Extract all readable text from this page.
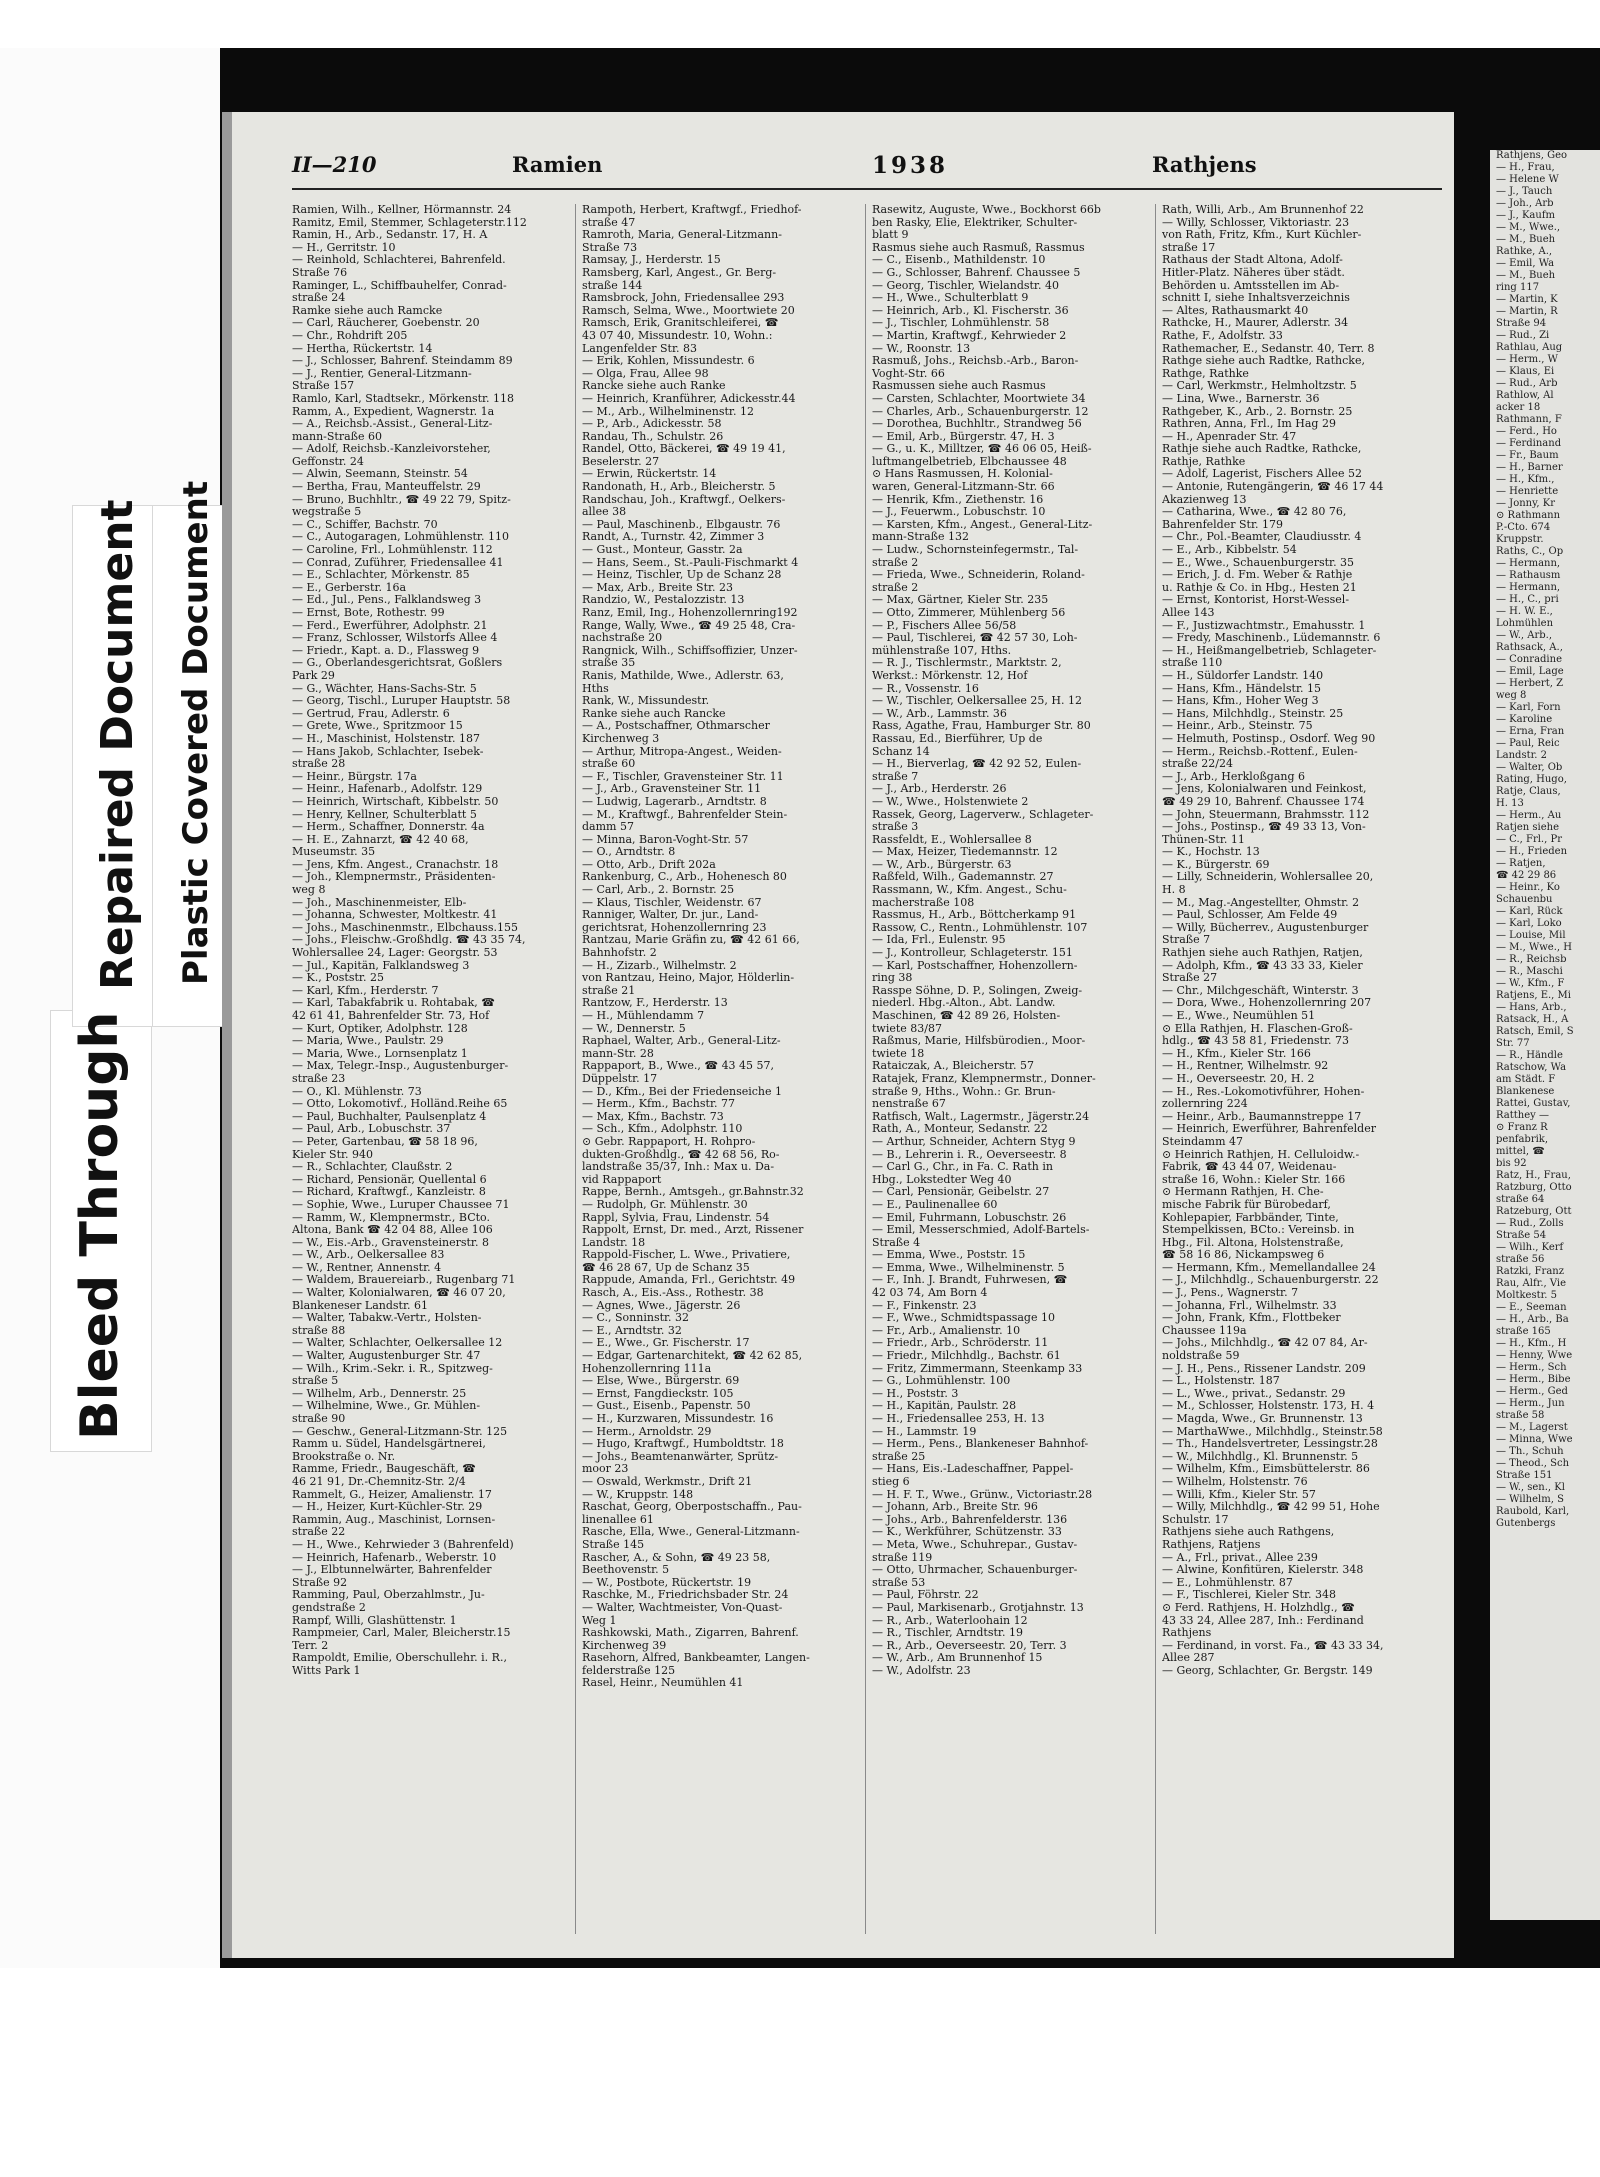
Bleed Through
Repaired Document Plastic Covered Document
II—210	Ramien	1938	Rathjens
Ramien, Wilh., Kellner, Hörmannstr. 24
Ramitz, Emil, Stemmer, Schlageterstr.112
Ramin, H., Arb., Sedanstr. 17, H. A
— H., Gerritstr. 10
— Reinhold, Schlachterei, Bahrenfeld.
Straße 76
Raminger, L., Schiffbauhelfer, Conrad-
straße 24
Ramke siehe auch Ramcke
— Carl, Räucherer, Goebenstr. 20
— Chr., Rohdrift 205
— Hertha, Rückertstr. 14
— J., Schlosser, Bahrenf. Steindamm 89
— J., Rentier, General-Litzmann-
Straße 157
Ramlo, Karl, Stadtsekr., Mörkenstr. 118
Ramm, A., Expedient, Wagnerstr. 1a
— A., Reichsb.-Assist., General-Litz-
mann-Straße 60
— Adolf, Reichsb.-Kanzleivorsteher,
Geffonstr. 24
— Alwin, Seemann, Steinstr. 54
— Bertha, Frau, Manteuffelstr. 29
— Bruno, Buchhltr., ☎ 49 22 79, Spitz-
wegstraße 5
— C., Schiffer, Bachstr. 70
— C., Autogaragen, Lohmühlenstr. 110
— Caroline, Frl., Lohmühlenstr. 112
— Conrad, Zuführer, Friedensallee 41
— E., Schlachter, Mörkenstr. 85
— E., Gerberstr. 16a
— Ed., Jul., Pens., Falklandsweg 3
— Ernst, Bote, Rothestr. 99
— Ferd., Ewerführer, Adolphstr. 21
— Franz, Schlosser, Wilstorfs Allee 4
— Friedr., Kapt. a. D., Flassweg 9
— G., Oberlandesgerichtsrat, Goßlers
Park 29
— G., Wächter, Hans-Sachs-Str. 5
— Georg, Tischl., Luruper Hauptstr. 58
— Gertrud, Frau, Adlerstr. 6
— Grete, Wwe., Spritzmoor 15
— H., Maschinist, Holstenstr. 187
— Hans Jakob, Schlachter, Isebek-
straße 28
— Heinr., Bürgstr. 17a
— Heinr., Hafenarb., Adolfstr. 129
— Heinrich, Wirtschaft, Kibbelstr. 50
— Henry, Kellner, Schulterblatt 5
— Herm., Schaffner, Donnerstr. 4a
— H. E., Zahnarzt, ☎ 42 40 68,
Museumstr. 35
— Jens, Kfm. Angest., Cranachstr. 18
— Joh., Klempnermstr., Präsidenten-
weg 8
— Joh., Maschinenmeister, Elb-
— Johanna, Schwester, Moltkestr. 41
— Johs., Maschinenmstr., Elbchauss.155
— Johs., Fleischw.-Großhdlg. ☎ 43 35 74,
Wohlersallee 24, Lager: Georgstr. 53
— Jul., Kapitän, Falklandsweg 3
— K., Poststr. 25
— Karl, Kfm., Herderstr. 7
— Karl, Tabakfabrik u. Rohtabak, ☎
42 61 41, Bahrenfelder Str. 73, Hof
— Kurt, Optiker, Adolphstr. 128
— Maria, Wwe., Paulstr. 29
— Maria, Wwe., Lornsenplatz 1
— Max, Telegr.-Insp., Augustenburger-
straße 23
— O., Kl. Mühlenstr. 73
— Otto, Lokomotivf., Holländ.Reihe 65
— Paul, Buchhalter, Paulsenplatz 4
— Paul, Arb., Lobuschstr. 37
— Peter, Gartenbau, ☎ 58 18 96,
Kieler Str. 940
— R., Schlachter, Claußstr. 2
— Richard, Pensionär, Quellental 6
— Richard, Kraftwgf., Kanzleistr. 8
— Sophie, Wwe., Luruper Chaussee 71
— Ramm, W., Klempnermstr., BCto.
Altona, Bank ☎ 42 04 88, Allee 106
— W., Eis.-Arb., Gravensteinerstr. 8
— W., Arb., Oelkersallee 83
— W., Rentner, Annenstr. 4
— Waldem, Brauereiarb., Rugenbarg 71
— Walter, Kolonialwaren, ☎ 46 07 20,
Blankeneser Landstr. 61
— Walter, Tabakw.-Vertr., Holsten-
straße 88
— Walter, Schlachter, Oelkersallee 12
— Walter, Augustenburger Str. 47
— Wilh., Krim.-Sekr. i. R., Spitzweg-
straße 5
— Wilhelm, Arb., Dennerstr. 25
— Wilhelmine, Wwe., Gr. Mühlen-
straße 90
— Geschw., General-Litzmann-Str. 125
Ramm u. Südel, Handelsgärtnerei,
Brookstraße o. Nr.
Ramme, Friedr., Baugeschäft, ☎
46 21 91, Dr.-Chemnitz-Str. 2/4
Rammelt, G., Heizer, Amalienstr. 17
— H., Heizer, Kurt-Küchler-Str. 29
Rammin, Aug., Maschinist, Lornsen-
straße 22
— H., Wwe., Kehrwieder 3 (Bahrenfeld)
— Heinrich, Hafenarb., Weberstr. 10
— J., Elbtunnelwärter, Bahrenfelder
Straße 92
Ramming, Paul, Oberzahlmstr., Ju-
gendstraße 2
Rampf, Willi, Glashüttenstr. 1
Rampmeier, Carl, Maler, Bleicherstr.15
Terr. 2
Rampoldt, Emilie, Oberschullehr. i. R.,
Witts Park 1
Rampoth, Herbert, Kraftwgf., Friedhof-
straße 47
Ramroth, Maria, General-Litzmann-
Straße 73
Ramsay, J., Herderstr. 15
Ramsberg, Karl, Angest., Gr. Berg-
straße 144
Ramsbrock, John, Friedensallee 293
Ramsch, Selma, Wwe., Moortwiete 20
Ramsch, Erik, Granitschleiferei, ☎
43 07 40, Missundestr. 10, Wohn.:
Langenfelder Str. 83
— Erik, Kohlen, Missundestr. 6
— Olga, Frau, Allee 98
Rancke siehe auch Ranke
— Heinrich, Kranführer, Adickesstr.44
— M., Arb., Wilhelminenstr. 12
— P., Arb., Adickesstr. 58
Randau, Th., Schulstr. 26
Randel, Otto, Bäckerei, ☎ 49 19 41,
Beselerstr. 27
— Erwin, Rückertstr. 14
Randonath, H., Arb., Bleicherstr. 5
Randschau, Joh., Kraftwgf., Oelkers-
allee 38
— Paul, Maschinenb., Elbgaustr. 76
Randt, A., Turnstr. 42, Zimmer 3
— Gust., Monteur, Gasstr. 2a
— Hans, Seem., St.-Pauli-Fischmarkt 4
— Heinz, Tischler, Up de Schanz 28
— Max, Arb., Breite Str. 23
Randzio, W., Pestalozzistr. 13
Ranz, Emil, Ing., Hohenzollernring192
Range, Wally, Wwe., ☎ 49 25 48, Cra-
nachstraße 20
Rangnick, Wilh., Schiffsoffizier, Unzer-
straße 35
Ranis, Mathilde, Wwe., Adlerstr. 63,
Hths
Rank, W., Missundestr.
Ranke siehe auch Rancke
— A., Postschaffner, Othmarscher
Kirchenweg 3
— Arthur, Mitropa-Angest., Weiden-
straße 60
— F., Tischler, Gravensteiner Str. 11
— J., Arb., Gravensteiner Str. 11
— Ludwig, Lagerarb., Arndtstr. 8
— M., Kraftwgf., Bahrenfelder Stein-
damm 57
— Minna, Baron-Voght-Str. 57
— O., Arndtstr. 8
— Otto, Arb., Drift 202a
Rankenburg, C., Arb., Hohenesch 80
— Carl, Arb., 2. Bornstr. 25
— Klaus, Tischler, Weidenstr. 67
Ranniger, Walter, Dr. jur., Land-
gerichtsrat, Hohenzollernring 23
Rantzau, Marie Gräfin zu, ☎ 42 61 66,
Bahnhofstr. 2
— H., Zizarb., Wilhelmstr. 2
von Rantzau, Heino, Major, Hölderlin-
straße 21
Rantzow, F., Herderstr. 13
— H., Mühlendamm 7
— W., Dennerstr. 5
Raphael, Walter, Arb., General-Litz-
mann-Str. 28
Rappaport, B., Wwe., ☎ 43 45 57,
Düppelstr. 17
— D., Kfm., Bei der Friedenseiche 1
— Herm., Kfm., Bachstr. 77
— Max, Kfm., Bachstr. 73
— Sch., Kfm., Adolphstr. 110
⊙ Gebr. Rappaport, H. Rohpro-
dukten-Großhdlg., ☎ 42 68 56, Ro-
landstraße 35/37, Inh.: Max u. Da-
vid Rappaport
Rappe, Bernh., Amtsgeh., gr.Bahnstr.32
— Rudolph, Gr. Mühlenstr. 30
Rappl, Sylvia, Frau, Lindenstr. 54
Rappolt, Ernst, Dr. med., Arzt, Rissener
Landstr. 18
Rappold-Fischer, L. Wwe., Privatiere,
☎ 46 28 67, Up de Schanz 35
Rappude, Amanda, Frl., Gerichtstr. 49
Rasch, A., Eis.-Ass., Rothestr. 38
— Agnes, Wwe., Jägerstr. 26
— C., Sonninstr. 32
— E., Arndtstr. 32
— E., Wwe., Gr. Fischerstr. 17
— Edgar, Gartenarchitekt, ☎ 42 62 85,
Hohenzollernring 111a
— Else, Wwe., Bürgerstr. 69
— Ernst, Fangdieckstr. 105
— Gust., Eisenb., Papenstr. 50
— H., Kurzwaren, Missundestr. 16
— Herm., Arnoldstr. 29
— Hugo, Kraftwgf., Humboldtstr. 18
— Johs., Beamtenanwärter, Sprütz-
moor 23
— Oswald, Werkmstr., Drift 21
— W., Kruppstr. 148
Raschat, Georg, Oberpostschaffn., Pau-
linenallee 61
Rasche, Ella, Wwe., General-Litzmann-
Straße 145
Rascher, A., & Sohn, ☎ 49 23 58,
Beethovenstr. 5
— W., Postbote, Rückertstr. 19
Raschke, M., Friedrichsbader Str. 24
— Walter, Wachtmeister, Von-Quast-
Weg 1
Rashkowski, Math., Zigarren, Bahrenf.
Kirchenweg 39
Rasehorn, Alfred, Bankbeamter, Langen-
felderstraße 125
Rasel, Heinr., Neumühlen 41
Rasewitz, Auguste, Wwe., Bockhorst 66b
ben Rasky, Elie, Elektriker, Schulter-
blatt 9
Rasmus siehe auch Rasmuß, Rassmus
— C., Eisenb., Mathildenstr. 10
— G., Schlosser, Bahrenf. Chaussee 5
— Georg, Tischler, Wielandstr. 40
— H., Wwe., Schulterblatt 9
— Heinrich, Arb., Kl. Fischerstr. 36
— J., Tischler, Lohmühlenstr. 58
— Martin, Kraftwgf., Kehrwieder 2
— W., Roonstr. 13
Rasmuß, Johs., Reichsb.-Arb., Baron-
Voght-Str. 66
Rasmussen siehe auch Rasmus
— Carsten, Schlachter, Moortwiete 34
— Charles, Arb., Schauenburgerstr. 12
— Dorothea, Buchhltr., Strandweg 56
— Emil, Arb., Bürgerstr. 47, H. 3
— G., u. K., Milltzer, ☎ 46 06 05, Heiß-
luftmangelbetrieb, Elbchaussee 48
⊙ Hans Rasmussen, H. Kolonial-
waren, General-Litzmann-Str. 66
— Henrik, Kfm., Ziethenstr. 16
— J., Feuerwm., Lobuschstr. 10
— Karsten, Kfm., Angest., General-Litz-
mann-Straße 132
— Ludw., Schornsteinfegermstr., Tal-
straße 2
— Frieda, Wwe., Schneiderin, Roland-
straße 2
— Max, Gärtner, Kieler Str. 235
— Otto, Zimmerer, Mühlenberg 56
— P., Fischers Allee 56/58
— Paul, Tischlerei, ☎ 42 57 30, Loh-
mühlenstraße 107, Hths.
— R. J., Tischlermstr., Marktstr. 2,
Werkst.: Mörkenstr. 12, Hof
— R., Vossenstr. 16
— W., Tischler, Oelkersallee 25, H. 12
— W., Arb., Lammstr. 36
Rass, Agathe, Frau, Hamburger Str. 80
Rassau, Ed., Bierführer, Up de
Schanz 14
— H., Bierverlag, ☎ 42 92 52, Eulen-
straße 7
— J., Arb., Herderstr. 26
— W., Wwe., Holstenwiete 2
Rassek, Georg, Lagerverw., Schlageter-
straße 3
Rassfeldt, E., Wohlersallee 8
— Max, Heizer, Tiedemannstr. 12
— W., Arb., Bürgerstr. 63
Raßfeld, Wilh., Gademannstr. 27
Rassmann, W., Kfm. Angest., Schu-
macherstraße 108
Rassmus, H., Arb., Böttcherkamp 91
Rassow, C., Rentn., Lohmühlenstr. 107
— Ida, Frl., Eulenstr. 95
— J., Kontrolleur, Schlageterstr. 151
— Karl, Postschaffner, Hohenzollern-
ring 38
Rasspe Söhne, D. P., Solingen, Zweig-
niederl. Hbg.-Alton., Abt. Landw.
Maschinen, ☎ 42 89 26, Holsten-
twiete 83/87
Raßmus, Marie, Hilfsbürodien., Moor-
twiete 18
Rataiczak, A., Bleicherstr. 57
Ratajek, Franz, Klempnermstr., Donner-
straße 9, Hths., Wohn.: Gr. Brun-
nenstraße 67
Ratfisch, Walt., Lagermstr., Jägerstr.24
Rath, A., Monteur, Sedanstr. 22
— Arthur, Schneider, Achtern Styg 9
— B., Lehrerin i. R., Oeverseestr. 8
— Carl G., Chr., in Fa. C. Rath in
Hbg., Lokstedter Weg 40
— Carl, Pensionär, Geibelstr. 27
— E., Paulinenallee 60
— Emil, Fuhrmann, Lobuschstr. 26
— Emil, Messerschmied, Adolf-Bartels-
Straße 4
— Emma, Wwe., Poststr. 15
— Emma, Wwe., Wilhelminenstr. 5
— F., Inh. J. Brandt, Fuhrwesen, ☎
42 03 74, Am Born 4
— F., Finkenstr. 23
— F., Wwe., Schmidtspassage 10
— Fr., Arb., Amalienstr. 10
— Friedr., Arb., Schröderstr. 11
— Friedr., Milchhdlg., Bachstr. 61
— Fritz, Zimmermann, Steenkamp 33
— G., Lohmühlenstr. 100
— H., Poststr. 3
— H., Kapitän, Paulstr. 28
— H., Friedensallee 253, H. 13
— H., Lammstr. 19
— Herm., Pens., Blankeneser Bahnhof-
straße 25
— Hans, Eis.-Ladeschaffner, Pappel-
stieg 6
— H. F. T., Wwe., Grünw., Victoriastr.28
— Johann, Arb., Breite Str. 96
— Johs., Arb., Bahrenfelderstr. 136
— K., Werkführer, Schützenstr. 33
— Meta, Wwe., Schuhrepar., Gustav-
straße 119
— Otto, Uhrmacher, Schauenburger-
straße 53
— Paul, Föhrstr. 22
— Paul, Markisenarb., Grotjahnstr. 13
— R., Arb., Waterloohain 12
— R., Tischler, Arndtstr. 19
— R., Arb., Oeverseestr. 20, Terr. 3
— W., Arb., Am Brunnenhof 15
— W., Adolfstr. 23
Rath, Willi, Arb., Am Brunnenhof 22
— Willy, Schlosser, Viktoriastr. 23
von Rath, Fritz, Kfm., Kurt Küchler-
straße 17
Rathaus der Stadt Altona, Adolf-
Hitler-Platz. Näheres über städt.
Behörden u. Amtsstellen im Ab-
schnitt I, siehe Inhaltsverzeichnis
— Altes, Rathausmarkt 40
Rathcke, H., Maurer, Adlerstr. 34
Rathe, F., Adolfstr. 33
Rathemacher, E., Sedanstr. 40, Terr. 8
Rathge siehe auch Radtke, Rathcke,
Rathge, Rathke
— Carl, Werkmstr., Helmholtzstr. 5
— Lina, Wwe., Barnerstr. 36
Rathgeber, K., Arb., 2. Bornstr. 25
Rathren, Anna, Frl., Im Hag 29
— H., Apenrader Str. 47
Rathje siehe auch Radtke, Rathcke,
Rathje, Rathke
— Adolf, Lagerist, Fischers Allee 52
— Antonie, Rutengängerin, ☎ 46 17 44
Akazienweg 13
— Catharina, Wwe., ☎ 42 80 76,
Bahrenfelder Str. 179
— Chr., Pol.-Beamter, Claudiusstr. 4
— E., Arb., Kibbelstr. 54
— E., Wwe., Schauenburgerstr. 35
— Erich, J. d. Fm. Weber & Rathje
u. Rathje & Co. in Hbg., Hesten 21
— Ernst, Kontorist, Horst-Wessel-
Allee 143
— F., Justizwachtmstr., Emahusstr. 1
— Fredy, Maschinenb., Lüdemannstr. 6
— H., Heißmangelbetrieb, Schlageter-
straße 110
— H., Süldorfer Landstr. 140
— Hans, Kfm., Händelstr. 15
— Hans, Kfm., Hoher Weg 3
— Hans, Milchhdlg., Steinstr. 25
— Heinr., Arb., Steinstr. 75
— Helmuth, Postinsp., Osdorf. Weg 90
— Herm., Reichsb.-Rottenf., Eulen-
straße 22/24
— J., Arb., Herkloßgang 6
— Jens, Kolonialwaren und Feinkost,
☎ 49 29 10, Bahrenf. Chaussee 174
— John, Steuermann, Brahmsstr. 112
— Johs., Postinsp., ☎ 49 33 13, Von-
Thünen-Str. 11
— K., Hochstr. 13
— K., Bürgerstr. 69
— Lilly, Schneiderin, Wohlersallee 20,
H. 8
— M., Mag.-Angestellter, Ohmstr. 2
— Paul, Schlosser, Am Felde 49
— Willy, Bücherrev., Augustenburger
Straße 7
Rathjen siehe auch Rathjen, Ratjen,
— Adolph, Kfm., ☎ 43 33 33, Kieler
Straße 27
— Chr., Milchgeschäft, Winterstr. 3
— Dora, Wwe., Hohenzollernring 207
— E., Wwe., Neumühlen 51
⊙ Ella Rathjen, H. Flaschen-Groß-
hdlg., ☎ 43 58 81, Friedenstr. 73
— H., Kfm., Kieler Str. 166
— H., Rentner, Wilhelmstr. 92
— H., Oeverseestr. 20, H. 2
— H., Res.-Lokomotivführer, Hohen-
zollernring 224
— Heinr., Arb., Baumannstreppe 17
— Heinrich, Ewerführer, Bahrenfelder
Steindamm 47
⊙ Heinrich Rathjen, H. Celluloidw.-
Fabrik, ☎ 43 44 07, Weidenau-
straße 16, Wohn.: Kieler Str. 166
⊙ Hermann Rathjen, H. Che-
mische Fabrik für Bürobedarf,
Kohlepapier, Farbbänder, Tinte,
Stempelkissen, BCto.: Vereinsb. in
Hbg., Fil. Altona, Holstenstraße,
☎ 58 16 86, Nickampsweg 6
— Hermann, Kfm., Memellandallee 24
— J., Milchhdlg., Schauenburgerstr. 22
— J., Pens., Wagnerstr. 7
— Johanna, Frl., Wilhelmstr. 33
— John, Frank, Kfm., Flottbeker
Chaussee 119a
— Johs., Milchhdlg., ☎ 42 07 84, Ar-
noldstraße 59
— J. H., Pens., Rissener Landstr. 209
— L., Holstenstr. 187
— L., Wwe., privat., Sedanstr. 29
— M., Schlosser, Holstenstr. 173, H. 4
— Magda, Wwe., Gr. Brunnenstr. 13
— MarthaWwe., Milchhdlg., Steinstr.58
— Th., Handelsvertreter, Lessingstr.28
— W., Milchhdlg., Kl. Brunnenstr. 5
— Wilhelm, Kfm., Eimsbüttelerstr. 86
— Wilhelm, Holstenstr. 76
— Willi, Kfm., Kieler Str. 57
— Willy, Milchhdlg., ☎ 42 99 51, Hohe
Schulstr. 17
Rathjens siehe auch Rathgens,
Rathjens, Ratjens
— A., Frl., privat., Allee 239
— Alwine, Konfitüren, Kielerstr. 348
— E., Lohmühlenstr. 87
— F., Tischlerei, Kieler Str. 348
⊙ Ferd. Rathjens, H. Holzhdlg., ☎
43 33 24, Allee 287, Inh.: Ferdinand
Rathjens
— Ferdinand, in vorst. Fa., ☎ 43 33 34,
Allee 287
— Georg, Schlachter, Gr. Bergstr. 149
Rathjens, Geo
— H., Frau,
— Helene W
— J., Tauch
— Joh., Arb
— J., Kaufm
— M., Wwe.,
— M., Bueh
Rathke, A.,
— Emil, Wa
— M., Bueh
ring 117
— Martin, K
— Martin, R
Straße 94
— Rud., Zi
Rathlau, Aug
— Herm., W
— Klaus, Ei
— Rud., Arb
Rathlow, Al
acker 18
Rathmann, F
— Ferd., Ho
— Ferdinand
— Fr., Baum
— H., Barner
— H., Kfm.,
— Henriette
— Jonny, Kr
⊙ Rathmann
P.-Cto. 674
Kruppstr.
Raths, C., Op
— Hermann,
— Rathausm
— Hermann,
— H., C., pri
— H. W. E.,
Lohmühlen
— W., Arb.,
Rathsack, A.,
— Conradine
— Emil, Lage
— Herbert, Z
weg 8
— Karl, Forn
— Karoline
— Erna, Fran
— Paul, Reic
Landstr. 2
— Walter, Ob
Rating, Hugo,
Ratje, Claus,
H. 13
— Herm., Au
Ratjen siehe
— C., Frl., Pr
— H., Frieden
— Ratjen,
☎ 42 29 86
— Heinr., Ko
Schauenbu
— Karl, Rück
— Karl, Loko
— Louise, Mil
— M., Wwe., H
— R., Reichsb
— R., Maschi
— W., Kfm., F
Ratjens, E., Mi
— Hans, Arb.,
Ratsack, H., A
Ratsch, Emil, S
Str. 77
— R., Händle
Ratschow, Wa
am Städt. F
Blankenese
Rattei, Gustav,
Ratthey —
⊙ Franz R
penfabrik,
mittel, ☎
bis 92
Ratz, H., Frau,
Ratzburg, Otto
straße 64
Ratzeburg, Ott
— Rud., Zolls
Straße 54
— Wilh., Kerf
straße 56
Ratzki, Franz
Rau, Alfr., Vie
Moltkestr. 5
— E., Seeman
— H., Arb., Ba
straße 165
— H., Kfm., H
— Henny, Wwe
— Herm., Sch
— Herm., Bibe
— Herm., Ged
— Herm., Jun
straße 58
— M., Lagerst
— Minna, Wwe
— Th., Schuh
— Theod., Sch
Straße 151
— W., sen., Kl
— Wilhelm, S
Raubold, Karl,
Gutenbergs
